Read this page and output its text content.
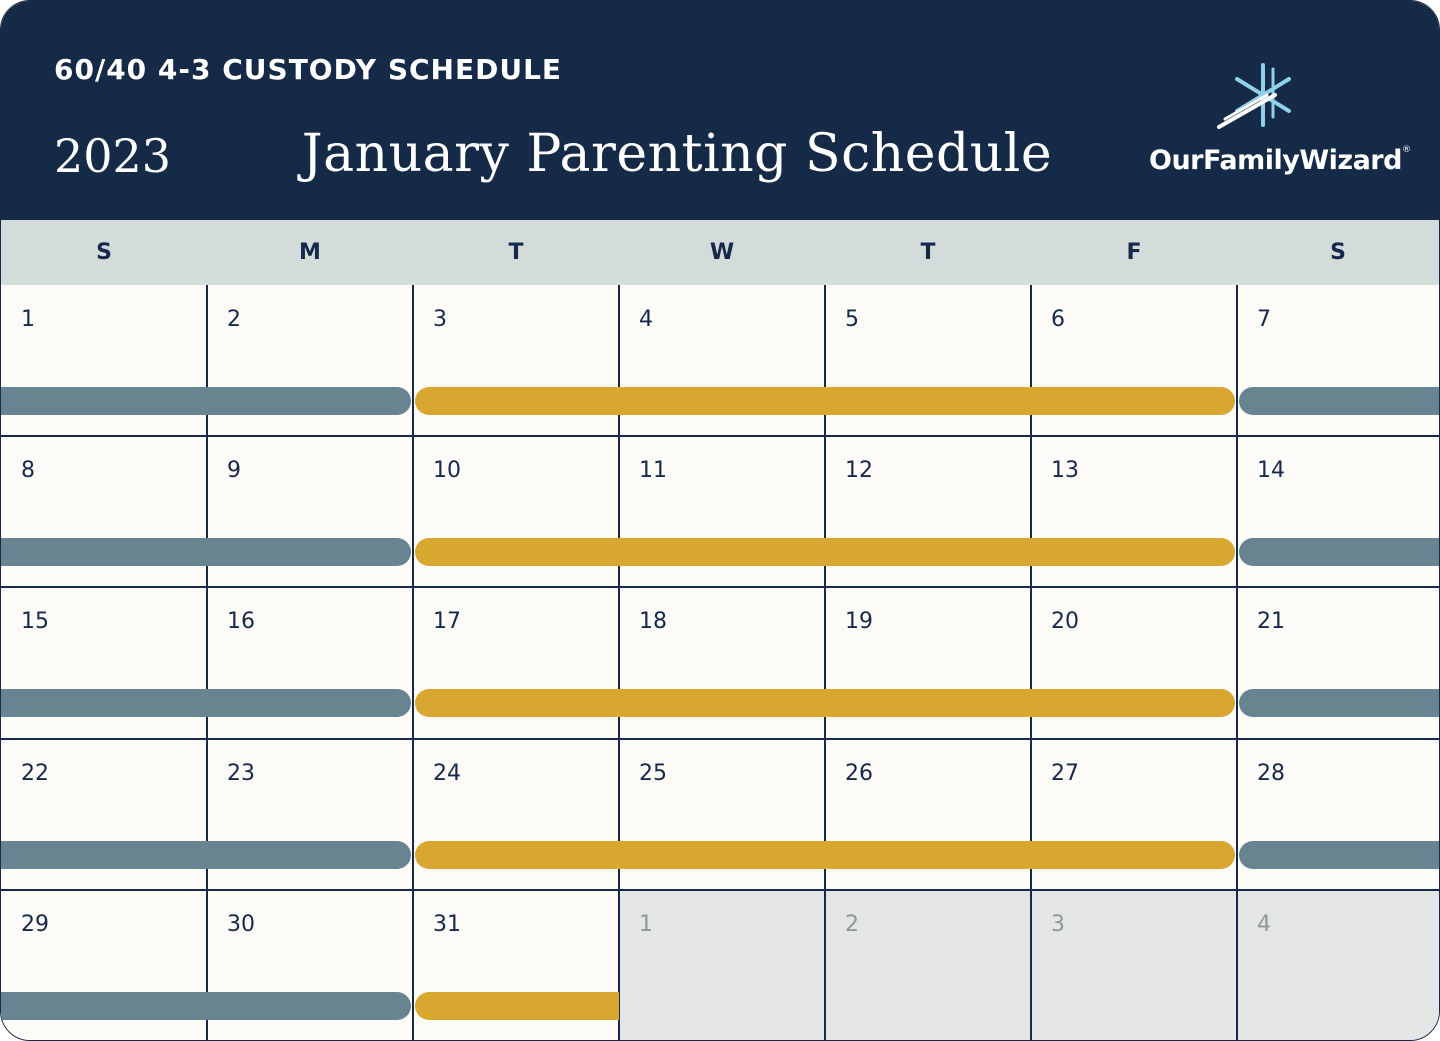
60/40 4-3 CUSTODY SCHEDULE
2023	January Parenting Schedule	OurFamilyWizard®
S	M	T	W	T	F	S
1	2	3	4	5	6	7
8	9	10	11	12	13	14
15	16	17	18	19	20	21
22	23	24	25	26	27	28
29	30	31	1	2	3	4
